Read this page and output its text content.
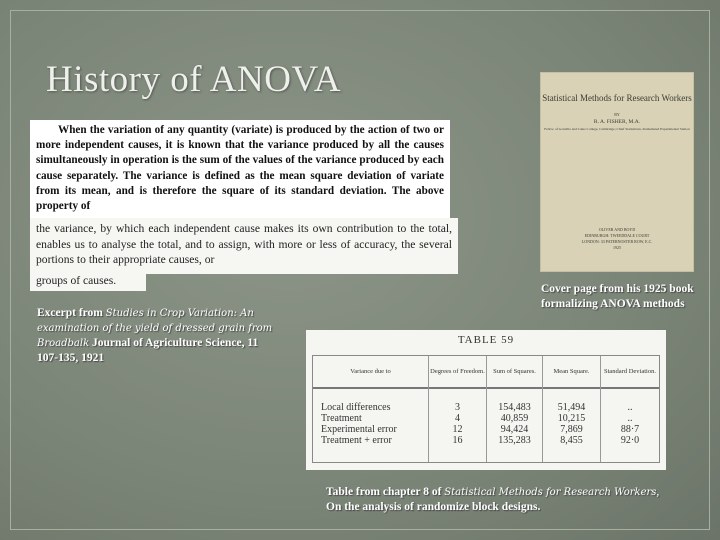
History of ANOVA

When the variation of any quantity (variate) is produced by the action of two or more independent causes, it is known that the variance produced by all the causes simultaneously in operation is the sum of the values of the variance produced by each cause separately. The variance is defined as the mean square deviation of variate from its mean, and is therefore the square of its standard deviation. The above property of

the variance, by which each independent cause makes its own contribution to the total, enables us to analyse the total, and to assign, with more or less of accuracy, the several portions to their appropriate causes, or
groups of causes.
Excerpt from Studies in Crop Variation: An examination of the yield of dressed grain from Broadbalk Journal of Agriculture Science, 11 107-135, 1921
Statistical Methods for Research Workers
BY
R. A. FISHER, M.A.
Fellow of Gonville and Caius College, Cambridge; Chief Statistician, Rothamsted Experimental Station
OLIVER AND BOYD
EDINBURGH: TWEEDDALE COURT
LONDON: 33 PATERNOSTER ROW, E.C.
1925
Cover page from his 1925 book formalizing ANOVA methods
TABLE 59
Variance due to
Local differences
Treatment
Experimental error
Treatment + error
Degrees of Freedom.
3
4
12
16
Sum of Squares.
154,483
40,859
94,424
135,283
Mean Square.
51,494
10,215
7,869
8,455
Standard Deviation.
..
..
88·7
92·0
Table from chapter 8 of Statistical Methods for Research Workers,
On the analysis of randomize block designs.
